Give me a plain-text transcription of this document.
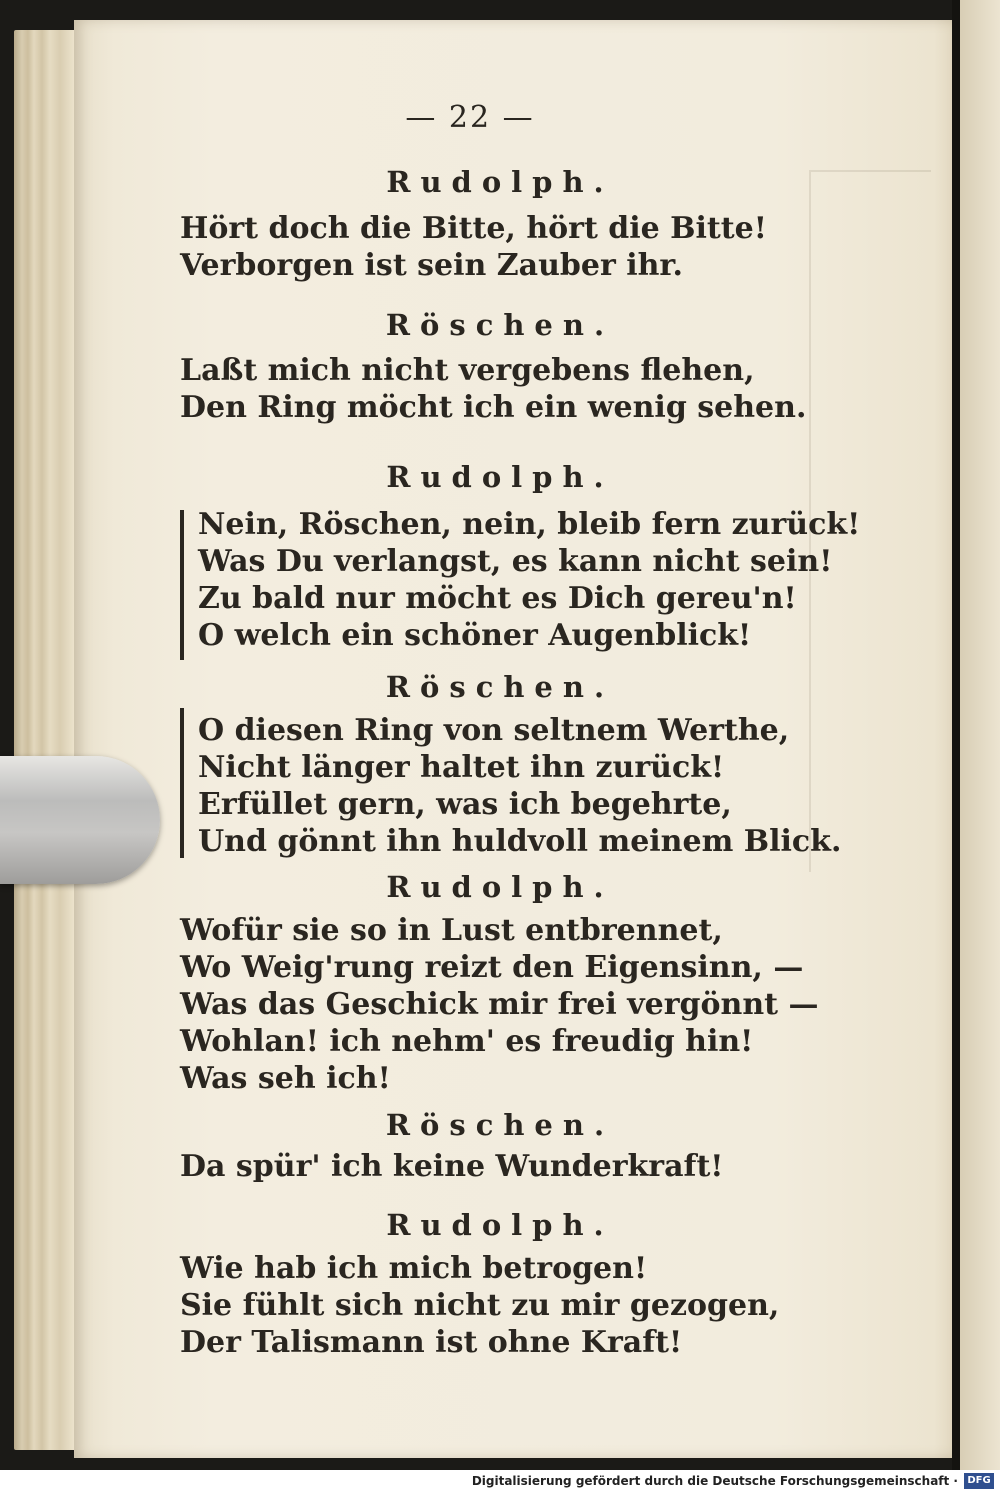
— 22 —
Rudolph.
Hört doch die Bitte, hört die Bitte!
Verborgen ist sein Zauber ihr.
Röschen.
Laßt mich nicht vergebens flehen,
Den Ring möcht ich ein wenig sehen.
Rudolph.
Nein, Röschen, nein, bleib fern zurück!
Was Du verlangst, es kann nicht sein!
Zu bald nur möcht es Dich gereu'n!
O welch ein schöner Augenblick!
Röschen.
O diesen Ring von seltnem Werthe,
Nicht länger haltet ihn zurück!
Erfüllet gern, was ich begehrte,
Und gönnt ihn huldvoll meinem Blick.
Rudolph.
Wofür sie so in Lust entbrennet,
Wo Weig'rung reizt den Eigensinn, —
Was das Geschick mir frei vergönnt —
Wohlan! ich nehm' es freudig hin!
Was seh ich!
Röschen.
Da spür' ich keine Wunderkraft!
Rudolph.
Wie hab ich mich betrogen!
Sie fühlt sich nicht zu mir gezogen,
Der Talismann ist ohne Kraft!
Digitalisierung gefördert durch die Deutsche Forschungsgemeinschaft · DFG
